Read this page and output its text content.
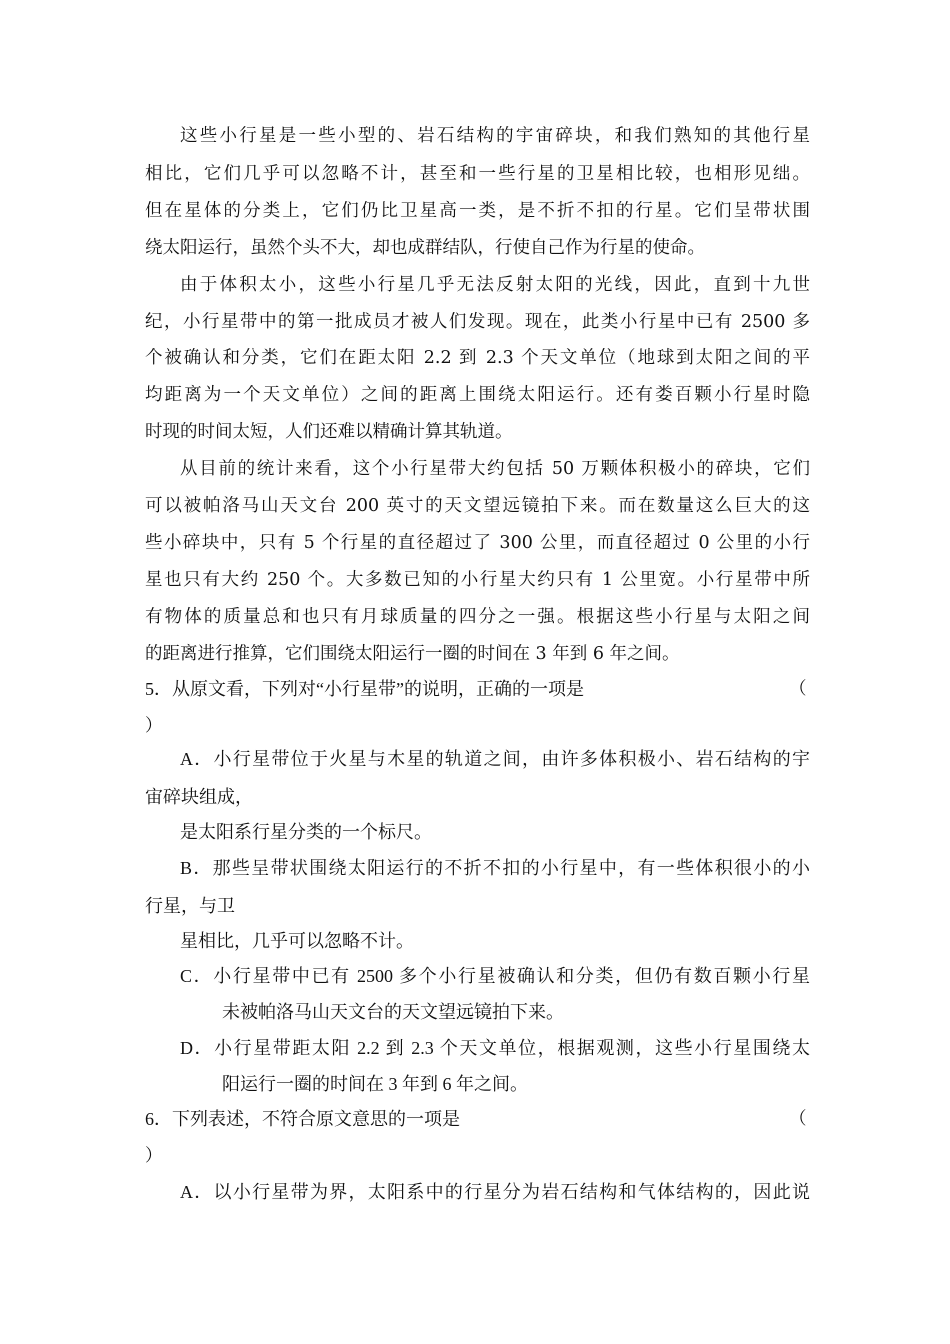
这些小行星是一些小型的、岩石结构的宇宙碎块，和我们熟知的其他行星
相比，它们几乎可以忽略不计，甚至和一些行星的卫星相比较，也相形见绌。
但在星体的分类上，它们仍比卫星高一类，是不折不扣的行星。它们呈带状围
绕太阳运行，虽然个头不大，却也成群结队，行使自己作为行星的使命。
由于体积太小，这些小行星几乎无法反射太阳的光线，因此，直到十九世
纪，小行星带中的第一批成员才被人们发现。现在，此类小行星中已有 2500 多
个被确认和分类，它们在距太阳 2.2 到 2.3 个天文单位（地球到太阳之间的平
均距离为一个天文单位）之间的距离上围绕太阳运行。还有娄百颗小行星时隐
时现的时间太短，人们还难以精确计算其轨道。
从目前的统计来看，这个小行星带大约包括 50 万颗体积极小的碎块，它们
可以被帕洛马山天文台 200 英寸的天文望远镜拍下来。而在数量这么巨大的这
些小碎块中，只有 5 个行星的直径超过了 300 公里，而直径超过 0 公里的小行
星也只有大约 250 个。大多数已知的小行星大约只有 1 公里宽。小行星带中所
有物体的质量总和也只有月球质量的四分之一强。根据这些小行星与太阳之间
的距离进行推算，它们围绕太阳运行一圈的时间在 3 年到 6 年之间。
5．从原文看，下列对“小行星带”的说明，正确的一项是	（
）
A．小行星带位于火星与木星的轨道之间，由许多体积极小、岩石结构的宇
宙碎块组成，
是太阳系行星分类的一个标尺。
B．那些呈带状围绕太阳运行的不折不扣的小行星中，有一些体积很小的小
行星，与卫
星相比，几乎可以忽略不计。
C．小行星带中已有 2500 多个小行星被确认和分类，但仍有数百颗小行星
未被帕洛马山天文台的天文望远镜拍下来。
D．小行星带距太阳 2.2 到 2.3 个天文单位，根据观测，这些小行星围绕太
阳运行一圈的时间在 3 年到 6 年之间。
6．下列表述，不符合原文意思的一项是	（
）
A．以小行星带为界，太阳系中的行星分为岩石结构和气体结构的，因此说
